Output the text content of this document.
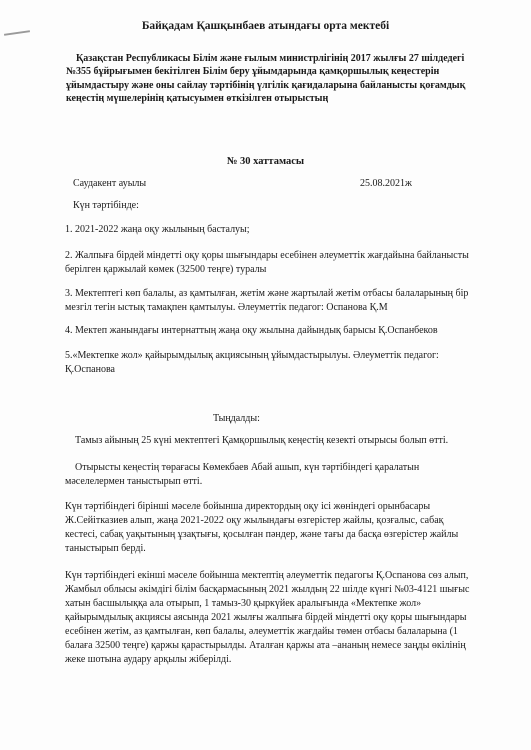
Байқадам Қашқынбаев атындағы орта мектебі
Қазақстан Республикасы Білім және ғылым министрлігінің 2017 жылғы 27 шілдедегі
№355 бұйрығымен бекітілген Білім беру ұйымдарында қамқоршылық кеңестерін
ұйымдастыру және оны сайлау тәртібінің үлгілік қағидаларына байланысты қоғамдық
кеңестің мүшелерінің қатысуымен өткізілген отырыстың
№ 30 хаттамасы
Саудакент ауылы	25.08.2021ж
Күн тәртібінде:
1. 2021-2022 жаңа оқу жылының басталуы;
2. Жалпыға бірдей міндетті оқу қоры шығындары есебінен әлеуметтік жағдайына байланысты
берілген қаржылай көмек (32500 теңге) туралы
3. Мектептегі көп балалы, аз қамтылған, жетім және жартылай жетім отбасы балаларының бір
мезгіл тегін ыстық тамақпен қамтылуы. Әлеуметтік педагог: Оспанова Қ.М
4. Мектеп жанындағы интернаттың жаңа оқу жылына дайындық барысы Қ.Оспанбеков
5.«Мектепке жол» қайырымдылық акциясының ұйымдастырылуы. Әлеуметтік педагог:
Қ.Оспанова
Тыңдалды:
Тамыз айының 25 күні мектептегі Қамқоршылық кеңестің кезекті отырысы болып өтті.
Отырысты кеңестің төрағасы Көмекбаев Абай ашып, күн тәртібіндегі қаралатын
мәселелермен таныстырып өтті.
Күн тәртібіндегі бірінші мәселе бойынша директордың оқу ісі жөніндегі орынбасары
Ж.Сейітказиев алып, жаңа 2021-2022 оқу жылындағы өзгерістер жайлы, қозғалыс, сабақ
кестесі, сабақ уақытының ұзақтығы, қосылған пәндер, және тағы да басқа өзгерістер жайлы
таныстырып берді.
Күн тәртібіндегі екінші мәселе бойынша мектептің әлеуметтік педагогы Қ.Оспанова сөз алып,
Жамбыл облысы әкімдігі білім басқармасының 2021 жылдың 22 шілде күнгі №03-4121 шығыс
хатын басшылыққа ала отырып, 1 тамыз-30 қыркүйек аралығында «Мектепке жол»
қайырымдылық акциясы аясында 2021 жылғы жалпыға бірдей міндетті оқу қоры шығындары
есебінен жетім, аз қамтылған, көп балалы, әлеуметтік жағдайы төмен отбасы балаларына (1
балаға 32500 теңге) қаржы қарастырылды. Аталған қаржы ата –ананың немесе заңды өкілінің
жеке шотына аудару арқылы жіберілді.
